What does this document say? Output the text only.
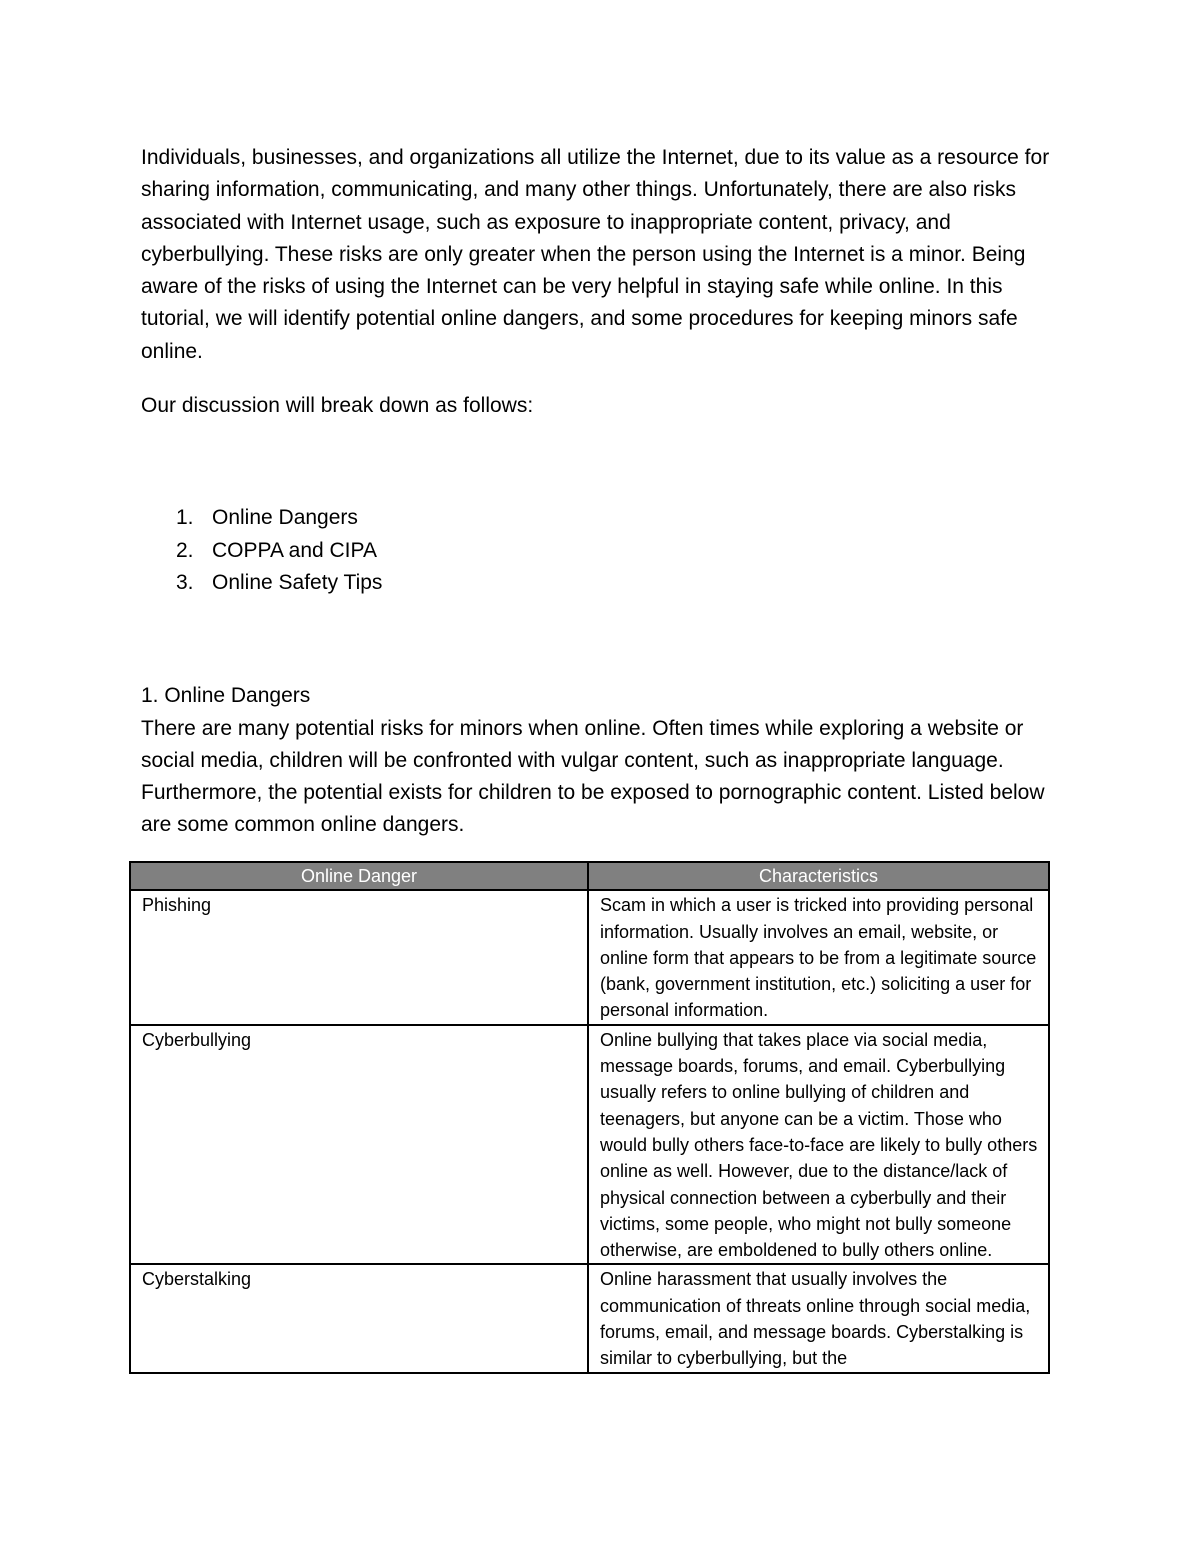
Individuals, businesses, and organizations all utilize the Internet, due to its value as a resource for sharing information, communicating, and many other things. Unfortunately, there are also risks associated with Internet usage, such as exposure to inappropriate content, privacy, and cyberbullying. These risks are only greater when the person using the Internet is a minor. Being aware of the risks of using the Internet can be very helpful in staying safe while online. In this tutorial, we will identify potential online dangers, and some procedures for keeping minors safe online.

Our discussion will break down as follows:

1. Online Dangers
2. COPPA and CIPA
3. Online Safety Tips

1. Online Dangers

There are many potential risks for minors when online. Often times while exploring a website or social media, children will be confronted with vulgar content, such as inappropriate language. Furthermore, the potential exists for children to be exposed to pornographic content. Listed below are some common online dangers.

Online Danger	Characteristics
Phishing	Scam in which a user is tricked into providing personal information. Usually involves an email, website, or online form that appears to be from a legitimate source (bank, government institution, etc.) soliciting a user for personal information.
Cyberbullying	Online bullying that takes place via social media, message boards, forums, and email. Cyberbullying usually refers to online bullying of children and teenagers, but anyone can be a victim. Those who would bully others face-to-face are likely to bully others online as well. However, due to the distance/lack of physical connection between a cyberbully and their victims, some people, who might not bully someone otherwise, are emboldened to bully others online.
Cyberstalking	Online harassment that usually involves the communication of threats online through social media, forums, email, and message boards. Cyberstalking is similar to cyberbullying, but the
